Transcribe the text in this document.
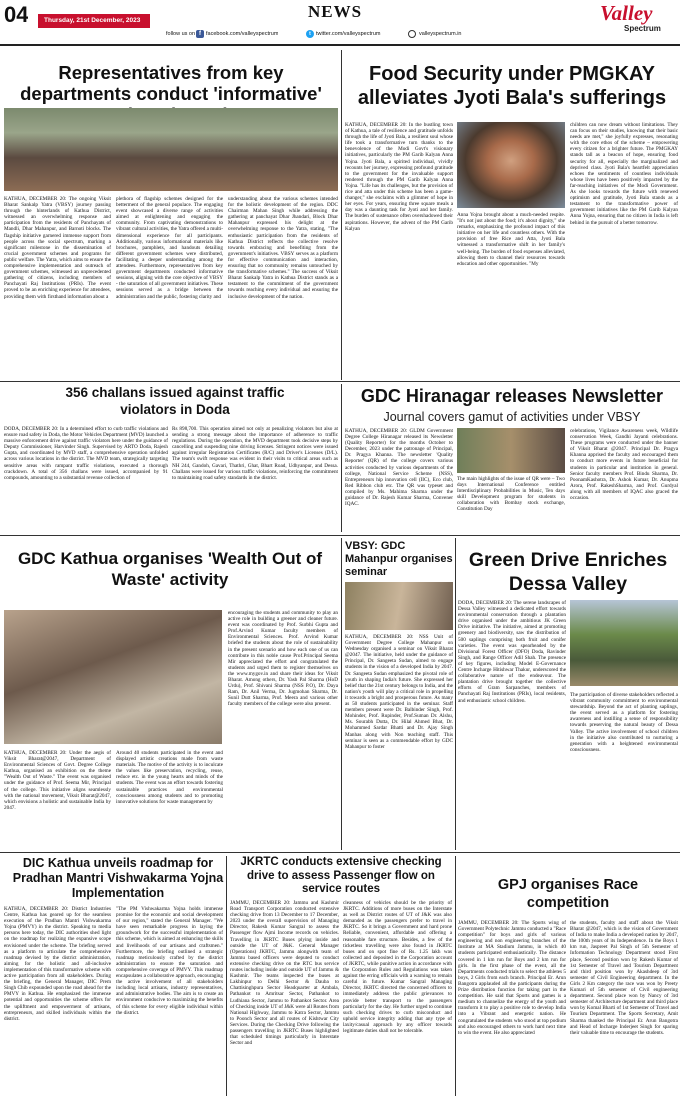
04	Thursday, 21st December, 2023	NEWS
follow us on f facebook.com/valleyspectrum	t twitter.com/valleyspectrum	valleyspectrum.in
Valley
Spectrum
Representatives from key departments conduct 'informative'
KATHUA, DECEMBER 20: The ongoing Viksit Bharat Sankalp Yatra (VBSY) journey passing through the hinterlands of Kathua District, witnessed an overwhelming response and participation from the residents of Panchayats of Mandli, Dhar Mahanpur, and Barnoti blocks. The flagship initiative garnered immense support from people across the social spectrum, marking a significant milestone in the dissemination of crucial government schemes and programs for public welfare. The Yatra, which aims to ensure the comprehensive implementation and outreach of government schemes, witnessed an unprecedented gathering of citizens, including members of Panchayati Raj Institutions (PRIs). The event proved to be an enriching experience for attendees, providing them with firsthand information about a
plethora of flagship schemes designed for the betterment of the general populace. The engaging event showcased a diverse range of activities aimed at enlightening and engaging the community. From captivating demonstrations to vibrant cultural activities, the Yatra offered a multi-dimensional experience for all participants. Additionally, various informational materials like brochures, pamphlets, and handouts detailing different government schemes were distributed, facilitating a deeper understanding among the attendees. Furthermore, representatives from key government departments conducted informative sessions, aligning with the core objective of VBSY - the saturation of all government initiatives. These sessions served as a bridge between the administration and the public, fostering clarity and
understanding about the various schemes intended for the holistic development of the region. DDC Chairman Mahan Singh while addressing the gathering at panchayat Dhar Jhandari, Block Dhar Mahanpur expressed his delight at the overwhelming response to the Yatra, stating, "The enthusiastic participation from the residents of Kathua District reflects the collective resolve towards embracing and benefiting from the government's initiatives. VBSY serves as a platform for effective communication and interaction, ensuring that no community remains untouched by the transformative schemes." The success of Viksit Bharat Sankalp Yatra in Kathua District stands as a testament to the commitment of the government towards reaching every individual and ensuring the inclusive development of the nation.
Food Security under PMGKAY alleviates Jyoti Bala's sufferings
KATHUA, DECEMBER 20: In the bustling town of Kathua, a tale of resilience and gratitude unfolds through the life of Jyoti Bala, a resilient soul whose life took a transformative turn thanks to the benevolence of the Modi Govt's visionary initiatives, particularly the PM Garib Kalyan Anna Yojna. Jyoti Bala, a spirited individual, vividly recounts her journey, expressing profound gratitude to the government for the invaluable support rendered through the PM Garib Kalyan Anna Yojna. "Life has its challenges, but the provision of rice and atta under this scheme has been a game-changer," she exclaims with a glimmer of hope in her eyes. For years, ensuring three square meals a day was a daunting task for Jyoti and her family. The burden of sustenance often overshadowed their aspirations. However, the advent of the PM Garib Kalyan
Anna Yojna brought about a much-needed respite. "It's not just about the food; it's about dignity," she remarks, emphasizing the profound impact of this initiative on her life and countless others. With the provision of free Rice and Atta, Jyoti Bala witnessed a transformative shift in her family's well-being. The burden of food expenses alleviated, allowing them to channel their resources towards education and other opportunities. "My
children can now dream without limitations. They can focus on their studies, knowing that their basic needs are met," she joyfully expresses, resonating with the core ethos of the scheme – empowering every citizen for a brighter future. The PMGKAY stands tall as a beacon of hope, ensuring food security for all, especially the marginalized and deprived class. Jyoti Bala's heartfelt appreciation echoes the sentiments of countless individuals whose lives have been positively impacted by the far-reaching initiatives of the Modi Government. As she looks towards the future with renewed optimism and gratitude, Jyoti Bala stands as a testament to the transformative power of government initiatives like the PM Garib Kalyan Anna Yojna, ensuring that no citizen in India is left behind in the pursuit of a better tomorrow.
356 challans issued against traffic violators in Doda
DODA, DECEMBER 20: In a determined effort to curb traffic violations and ensure road safety in Doda, the Motor Vehicles Department (MVD) launched a massive enforcement drive against traffic violators here under the guidance of Deputy Commissioner, Harvinder Singh. Supervised by ARTO Doda, Rajesh Gupta, and coordinated by MVD staff, a comprehensive operation unfolded across various locations in the district. The MVD team, strategically targeting sensitive areas with rampant traffic violations, executed a thorough crackdown. A total of 356 challans were issued, accompanied by 91 compounds, amounting to a substantial revenue collection of
Rs 898,700. This operation aimed not only at penalizing violators but also at sending a strong message about the importance of adherence to traffic regulations. During the operation, the MVD department took decisive steps by cancelling and suspending nine driving licenses. Stringent notices were issued against irregular Registration Certificates (R/C) and Driver's Licenses (D/L). The team's swift response was evident in their visits to critical areas such as NH 244, Gandoh, Gavari, Thathri, Ghat, Bhart Road, Udhyanpur, and Dessa. Challans were issued for various traffic violations, reinforcing the commitment to maintaining road safety standards in the district.
GDC Hiranagar releases Newsletter
Journal covers gamut of activities under VBSY
KATHUA, DECEMBER 20: GLDM Government Degree College Hiranagar released its Newsletter (Quality Reporter) for the months October to December, 2023 under the patronage of Principal, Dr. Pragya Khanna. The newsletter 'Quality Reporter' (QR) of the college covers various activities conducted by various departments of the college, National Service Scheme (NSS), Entrepreneurs hip innovation cell (IIC), Eco club, Red Ribbon club etc. The QR was typeset and compiled by Ms. Mahima Sharma under the guidance of Dr. Rajesh Kumar Sharma, Convener IQAC.
The main highlights of the issue of QR were – Two days International Conference entitled Interdisciplinary Probabilities in Music, Ten days skill Development program for students in collaboration with Bombay stock exchange, Constitution Day
celebrations, Vigilance Awareness week, Wildlife conservation Week, Gandhi Jayanti celebrations. These programs were conducted under the banner of Viksit Bharat @2047. Principal Dr. Pragya Khanna apprised the faculty and encouraged them to conduct more events in future beneficial for students in particular and institution in general. Senior faculty members Prof. Bindu Sharma, Dr. PoonamKashotra, Dr. Ashok Kumar, Dr. Anupma Arora, Prof. RakeshSharma, and Prof. Gurdyal along with all members of IQAC also graced the occasion.
GDC Kathua organises 'Wealth Out of Waste' activity
KATHUA, DECEMBER 20: Under the aegis of Viksit Bharat@2047, Department of Environmental Sciences of Govt. Degree College Kathua, organised an exhibition on the theme "Wealth Out of Waste." The event was organised under the guidance of Prof. Seema Mir, Principal of the college. This initiative aligns seamlessly with the national movement, Viksit Bharat@2047, which envisions a holistic and sustainable India by 2047.
Around 40 students participated in the event and displayed artistic creations made from waste materials. The motive of the activity is to inculcate the values like preservation, recycling, reuse, reduce etc. in the young hearts and minds of the students. The event was an effort towards fostering sustainable practices and environmental consciousness among students and to promoting innovative solutions for waste management by
encouraging the students and community to play an active role in building a greener and cleaner future. event was coordinated by Prof. Surbhi Gupta and Prof.Arvind Kumar faculty members of Environmental Sciences. Prof. Arvind Kumar briefed the students about the role of sustainability in the present scenario and how each one of us can contribute in this noble cause Prof.Principal Seema Mir appreciated the effort and congratulated the students and urged them to register themselves on the www.mygov.in and share their ideas for Viksit Bharat. Among others, Dr. Yash Pal Sharma (HoD Urdu), Prof. Shivani Sharma (NSS P.O), Dr. Daya Ram, Dr. Anil Verma, Dr. Jugmohan Sharma, Dr. Sunil Dutt Sharma, Prof. Meera and various other faculty members of the college were also present.
VBSY: GDC Mahanpur organises seminar
KATHUA, DECEMBER 20: NSS Unit of Government Degree College Mahanpur on Wednesday organised a seminar on Viksit Bharat @2047. The initiative, held under the guidance of Principal, Dr. Sangeeta Sudan, aimed to engage students in the vision of a developed India by 2047. Dr. Sangeeta Sudan emphasized the pivotal role of youth in shaping India's future. She expressed her belief that the 21st century belongs to India, and the nation's youth will play a critical role in propelling it towards a bright and prosperous future. As many as 50 students participated in the seminar. Staff members present were Dr. Balbinder Singh, Prof. Mohinder, Prof. Rupinder, Prof.Suman Dr. Alshu, Ms. Sourabh Dutta, Dr. Hilal Ahmed Bhat, Dr. Mohammed Sardar Bhatti and Dr. Ajay Singh Manhas along with Non teaching staff. This seminar is seen as a commendable effort by GDC Mahanpur to foster
Green Drive Enriches Dessa Valley
DODA, DECEMBER 20: The serene landscapes of Dessa Valley witnessed a dedicated effort towards environmental conservation through a plantation drive organised under the ambitious JK Green Drive initiative. The initiative, aimed at promoting greenery and biodiversity, saw the distribution of 500 saplings comprising both fruit and conifer varieties. The event was spearheaded by the Divisional Forest Officer (DFO) Doda, Ravinder Singh, and Range Officer Adil Shah. The presence of key figures, including Model E-Governance Centre Incharge Hitishwar Thakur, underscored the collaborative nature of the endeavour. The plantation drive brought together the collective efforts of Gram Sarpanches, members of Panchayati Raj Institutions (PRIs), local residents, and enthusiastic school children.
The participation of diverse stakeholders reflected a vibrant community commitment to environmental stewardship. Beyond the act of planting saplings, the event served as a platform for fostering awareness and instilling a sense of responsibility towards preserving the natural beauty of Dessa Valley. The active involvement of school children in the initiative also contributed to nurturing a generation with a heightened environmental consciousness.
DIC Kathua unveils roadmap for Pradhan Mantri Vishwakarma Yojna Implementation
KATHUA, DECEMBER 20: District Industries Centre, Kathua has geared up for the seamless execution of the Pradhan Mantri Vishwakarma Yojna (PMVY) in the district. Speaking to media persons here today, the DIC authorities shed light on the roadmap for realizing the expansive scope envisioned under the scheme. The briefing served as a platform to articulate the comprehensive roadmap devised by the district administration, aiming for the holistic and all-inclusive implementation of this transformative scheme with active participation from all stakeholders. During the briefing, the General Manager, DIC Prem Singh Chib expounded upon the road ahead for the PMVY in Kathua. He emphasized the immense potential and opportunities the scheme offers for the upliftment and empowerment of artisans, entrepreneurs, and skilled individuals within the district.
"The PM Vishwakarma Yojna holds immense promise for the economic and social development of our region," stated the General Manager. "We have seen remarkable progress in laying the groundwork for the successful implementation of this scheme, which is aimed at enhancing the skills and livelihoods of our artisans and craftsmen." Furthermore, the briefing outlined a strategic roadmap meticulously crafted by the district administration to ensure the saturation and comprehensive coverage of PMVY. This roadmap encapsulates a collaborative approach, encouraging the active involvement of all stakeholders including local artisans, industry representatives, and administrative bodies. The aim is to create an environment conducive to maximizing the benefits of this scheme for every eligible individual within the district.
JKRTC conducts extensive checking drive to assess Passenger flow on service routes
JAMMU, DECEMBER 20: Jammu and Kashmir Road Transport Corporation conducted extensive checking drive from 13 December to 17 December, 2023 under the overall supervision of Managing Director, Rakesh Kumar Sangral to assess the Passenger flow Ajmi Income records on vehicles. Travelling in JKRTC Buses plying inside and outside the UT of J&K. General Manager (Operations) JKRTC, Jammu alongwith team of Jammu based officers were deputed to conduct extensive checking drive on the RTC bus service routes including inside and outside UT of Jammu & Kashmir. The teams inspected the buses at Lakhinpur to Delhi Sector & Dauba to Chattisinghpura Sector Headquarter at Ambala, Pathankot to Amritsar Sector, Pathankot to Ludhiana Sector, Jammu to Pathankot Sector. Area of Checking inside UT of J&K were all Routes from National Highway, Jammu to Katra Sector, Jammu to Poonch Sector and all routes of Kishtwar City Services. During the Checking Drive following the passengers travelling in JKRTC Buses highlighted that scheduled timings particularly in Interstate Sector and
cleanness of vehicles should be the priority of JKRTC. Additions of more buses on the Interstate as well as District routes of UT of J&K was also demanded as the passengers prefer to travel in JKRTC. So it brings a Government and hard prone Reliable, convenient, affordable and offering a reasonable fare structure. Besides, a few of the ticketless travelling were also found in JKRTC buses and on spot fine of Rs. 1.25 lakh was collected and deposited in the Corporation account of JKRTC, while punitive action in accordance with the Corporation Rules and Regulations was taken against the erring officials with a warning to remain careful in future. Kumar Sangral Managing Director, JKRTC directed the concerned officers to immediately address the public grievances to provide better transport to the passengers particularly for the day. He further urged to continue such checking drives to curb misconduct and uphold service integrity adding that any type of laxity/casual approach by any officer towards legitimate duties shall not be tolerable.
GPJ organises Race competition
JAMMU, DECEMBER 20: The Sports wing of Government Polytechnic Jammu conducted a "Race competition" for boys and girls of various engineering and non engineering branches of the Institute at MA Stadium Jammu, in which 40 students participated enthusiastically. The distance covered in 1 km run for Boys and 2 km run for girls. In the first phase of the event, all the Departments conducted trials to select the athletes 5 boys, 2 Girls from each branch. Principal Er. Arun Bangotra applauded all the participants during the Prize distribution function for taking part in the competition. He said that Sports and games is a medium to channelize the energy of the youth and transform it to play a positive role to develop India into a Vibrant and energetic nation. He congratulated the students who stood at top podium and also encouraged others to work hard next time to win the event. He also appreciated
the students, faculty and staff about the Viksit Bharat @2047, which is the vision of Government of India to make India a developed nation by 2047, the 100th years of its Independence. In the Boys 1 km run, Jaspreet Pal Singh of 5th Semester of Information Technology Department stood First place, Second position won by Rakesh Kumar of 1st Semester of Travel and Tourism Department and third position won by Akashdeep of 3rd semester of Civil Engineering department. In the Girls 2 Km category the race was won by Preety Kumari of 5th semester of Civil engineering department. Second place won by Nancy of 3rd semester of Architecture department and third place won by Komal Bharti of 1st Semester of Travel and Tourism Department. The Sports Secretary, Amit Sharma thanked the Principal Er. Arun Bangotra and Head of Incharge Inderjeet Singh for sparing their valuable time to encourage the students.
